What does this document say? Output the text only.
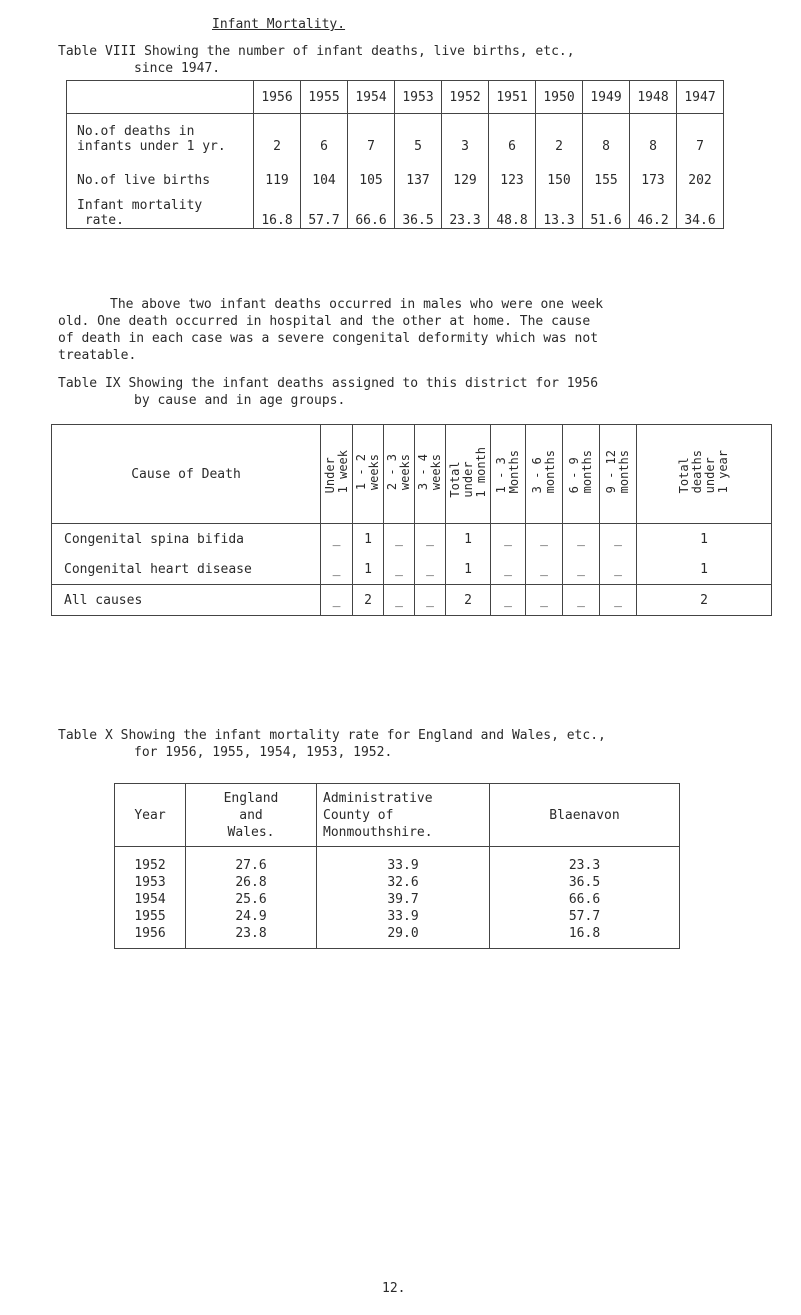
Infant Mortality.
Table VIII Showing the number of infant deaths, live births, etc.,
since 1947.
	1956	1955	1954	1953	1952	1951	1950	1949	1948	1947
No.of deaths in
infants under 1 yr.	2	6	7	5	3	6	2	8	8	7
No.of live births	119	104	105	137	129	123	150	155	173	202
Infant mortality
rate.	16.8	57.7	66.6	36.5	23.3	48.8	13.3	51.6	46.2	34.6
The above two infant deaths occurred in males who were one week
old. One death occurred in hospital and the other at home. The cause
of death in each case was a severe congenital deformity which was not
treatable.
Table IX Showing the infant deaths assigned to this district for 1956
by cause and in age groups.
Cause of Death	Under
1 week	1 - 2
weeks	2 - 3
weeks	3 - 4
weeks	Total
under
1 month	1 - 3
Months	3 - 6
months	6 - 9
months	9 - 12
months	Total
deaths
under
1 year
Congenital spina bifida	_	1	_	_	1	_	_	_	_	1
Congenital heart disease	_	1	_	_	1	_	_	_	_	1
All causes	_	2	_	_	2	_	_	_	_	2
Table X Showing the infant mortality rate for England and Wales, etc.,
for 1956, 1955, 1954, 1953, 1952.
Year	England
and
Wales.	Administrative
County of
Monmouthshire.	Blaenavon
1952	27.6	33.9	23.3
1953	26.8	32.6	36.5
1954	25.6	39.7	66.6
1955	24.9	33.9	57.7
1956	23.8	29.0	16.8
12.
